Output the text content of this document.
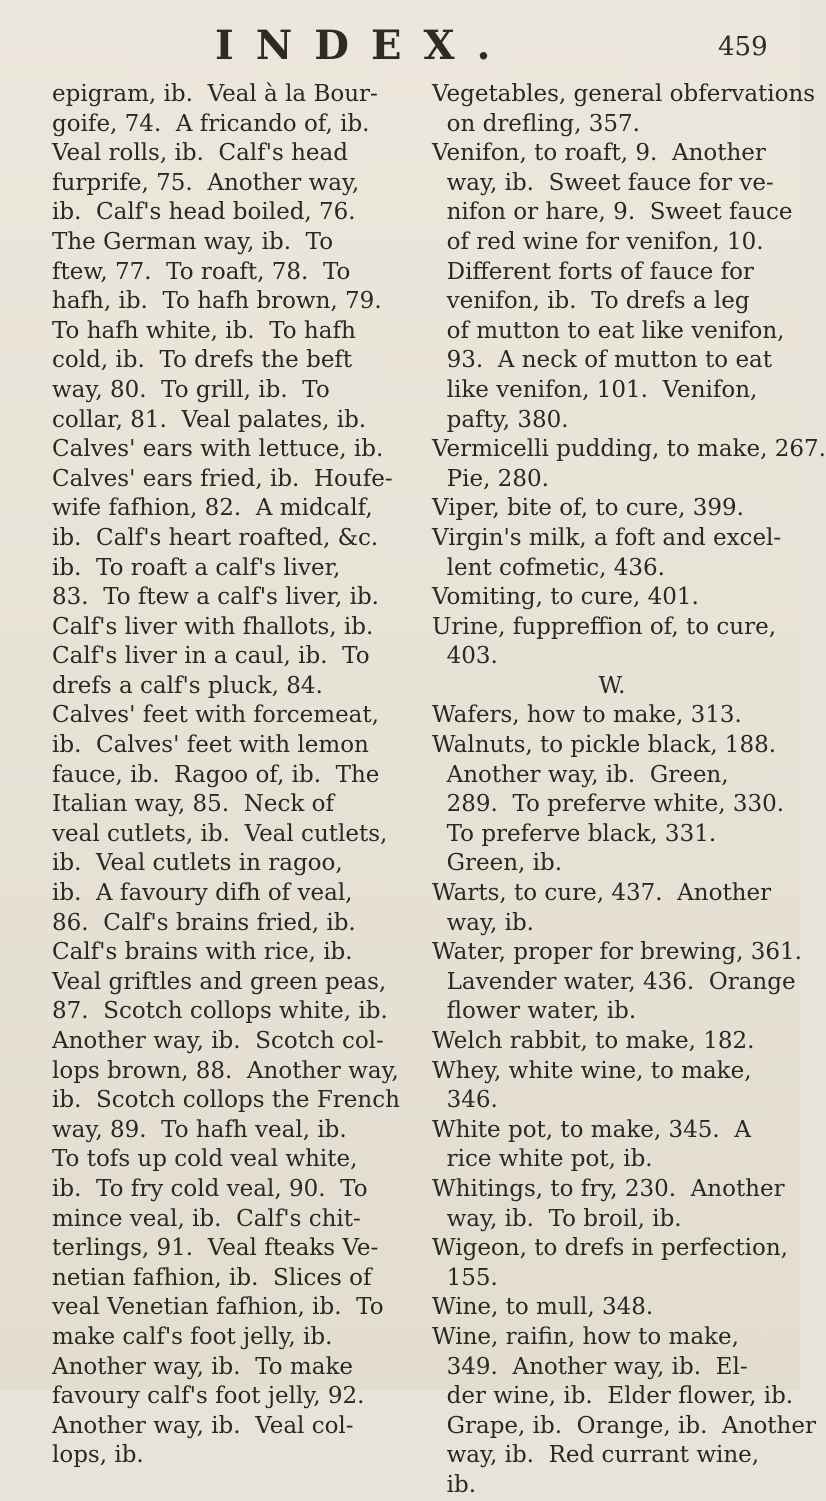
INDEX.	459
epigram, ib.  Veal à la Bour-
goife, 74.  A fricando of, ib.
Veal rolls, ib.  Calf's head
furprife, 75.  Another way,
ib.  Calf's head boiled, 76.
The German way, ib.  To
ftew, 77.  To roaft, 78.  To
hafh, ib.  To hafh brown, 79.
To hafh white, ib.  To hafh
cold, ib.  To drefs the beft
way, 80.  To grill, ib.  To
collar, 81.  Veal palates, ib.
Calves' ears with lettuce, ib.
Calves' ears fried, ib.  Houfe-
wife fafhion, 82.  A midcalf,
ib.  Calf's heart roafted, &c.
ib.  To roaft a calf's liver,
83.  To ftew a calf's liver, ib.
Calf's liver with fhallots, ib.
Calf's liver in a caul, ib.  To
drefs a calf's pluck, 84.
Calves' feet with forcemeat,
ib.  Calves' feet with lemon
fauce, ib.  Ragoo of, ib.  The
Italian way, 85.  Neck of
veal cutlets, ib.  Veal cutlets,
ib.  Veal cutlets in ragoo,
ib.  A favoury difh of veal,
86.  Calf's brains fried, ib.
Calf's brains with rice, ib.
Veal griftles and green peas,
87.  Scotch collops white, ib.
Another way, ib.  Scotch col-
lops brown, 88.  Another way,
ib.  Scotch collops the French
way, 89.  To hafh veal, ib.
To tofs up cold veal white,
ib.  To fry cold veal, 90.  To
mince veal, ib.  Calf's chit-
terlings, 91.  Veal fteaks Ve-
netian fafhion, ib.  Slices of
veal Venetian fafhion, ib.  To
make calf's foot jelly, ib.
Another way, ib.  To make
favoury calf's foot jelly, 92.
Another way, ib.  Veal col-
lops, ib.
Vegetables, general obfervations
on drefling, 357.
Venifon, to roaft, 9.  Another
way, ib.  Sweet fauce for ve-
nifon or hare, 9.  Sweet fauce
of red wine for venifon, 10.
Different forts of fauce for
venifon, ib.  To drefs a leg
of mutton to eat like venifon,
93.  A neck of mutton to eat
like venifon, 101.  Venifon,
pafty, 380.
Vermicelli pudding, to make, 267.
Pie, 280.
Viper, bite of, to cure, 399.
Virgin's milk, a foft and excel-
lent cofmetic, 436.
Vomiting, to cure, 401.
Urine, fuppreffion of, to cure,
403.
W.
Wafers, how to make, 313.
Walnuts, to pickle black, 188.
Another way, ib.  Green,
289.  To preferve white, 330.
To preferve black, 331.
Green, ib.
Warts, to cure, 437.  Another
way, ib.
Water, proper for brewing, 361.
Lavender water, 436.  Orange
flower water, ib.
Welch rabbit, to make, 182.
Whey, white wine, to make,
346.
White pot, to make, 345.  A
rice white pot, ib.
Whitings, to fry, 230.  Another
way, ib.  To broil, ib.
Wigeon, to drefs in perfection,
155.
Wine, to mull, 348.
Wine, raifin, how to make,
349.  Another way, ib.  El-
der wine, ib.  Elder flower, ib.
Grape, ib.  Orange, ib.  Another
way, ib.  Red currant wine,
ib.
